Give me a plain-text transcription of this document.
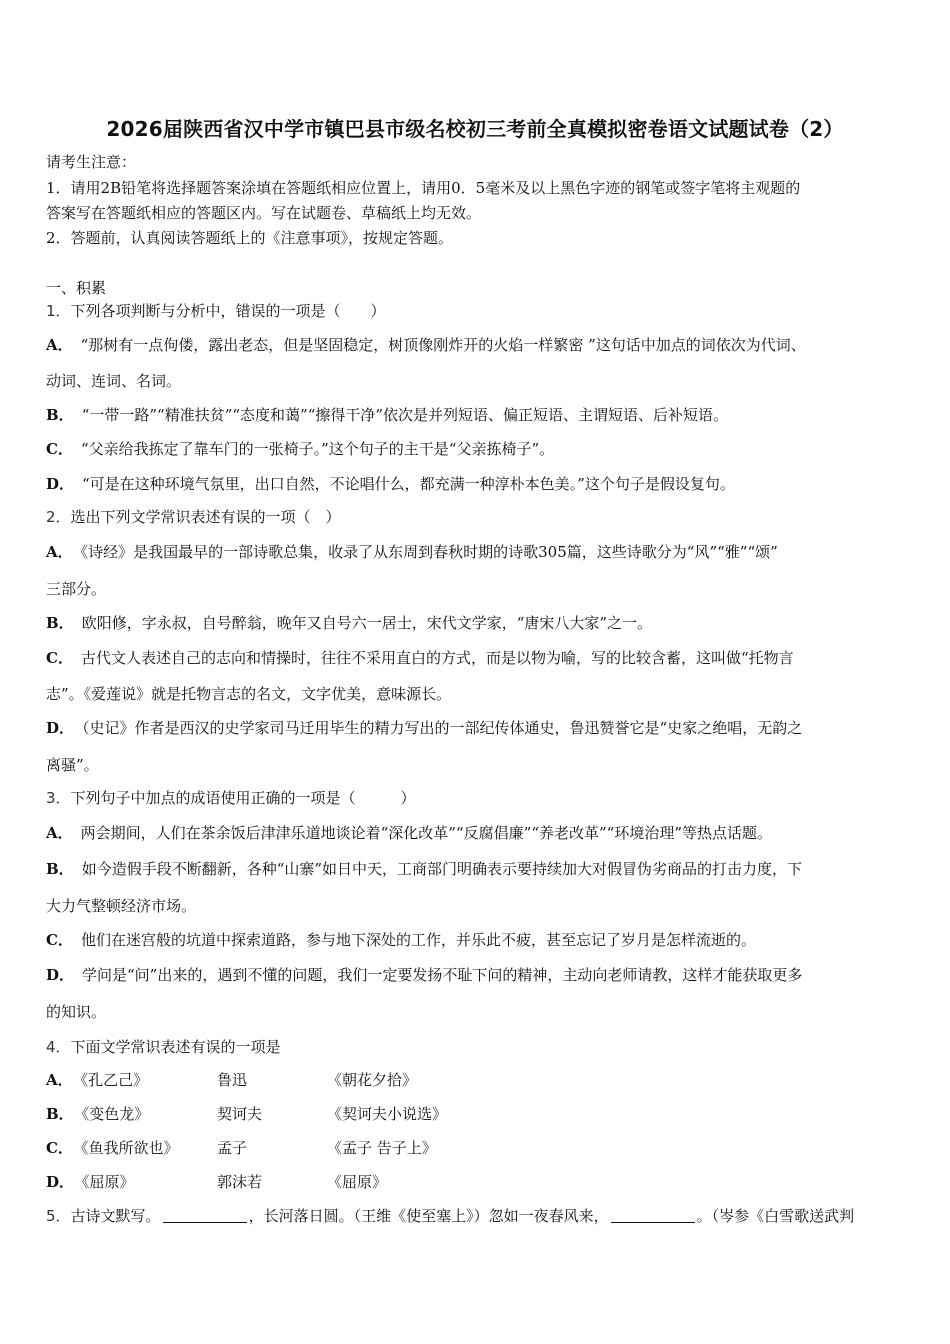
2026届陕西省汉中学市镇巴县市级名校初三考前全真模拟密卷语文试题试卷（2）
请考生注意：
1．请用2B铅笔将选择题答案涂填在答题纸相应位置上，请用0．5毫米及以上黑色字迹的钢笔或签字笔将主观题的
答案写在答题纸相应的答题区内。写在试题卷、草稿纸上均无效。
2．答题前，认真阅读答题纸上的《注意事项》，按规定答题。
一、积累
1．下列各项判断与分析中，错误的一项是（　　）
A． “那树有一点佝偻，露出老态，但是坚固稳定，树顶像刚炸开的火焰一样繁密 ”这句话中加点的词依次为代词、
动词、连词、名词。
B． “一带一路”“精准扶贫”“态度和蔼”“擦得干净”依次是并列短语、偏正短语、主谓短语、后补短语。
C． “父亲给我拣定了靠车门的一张椅子。”这个句子的主干是“父亲拣椅子”。
D． “可是在这种环境气氛里，出口自然，不论唱什么，都充满一种淳朴本色美。”这个句子是假设复句。
2．选出下列文学常识表述有误的一项（　）
A． 《诗经》是我国最早的一部诗歌总集，收录了从东周到春秋时期的诗歌305篇，这些诗歌分为“风”“雅”“颂”
三部分。
B． 欧阳修，字永叔，自号醉翁，晚年又自号六一居士，宋代文学家，“唐宋八大家”之一。
C． 古代文人表述自己的志向和情操时，往往不采用直白的方式，而是以物为喻，写的比较含蓄，这叫做“托物言
志”。《爱莲说》就是托物言志的名文，文字优美，意味源长。
D． （史记》作者是西汉的史学家司马迁用毕生的精力写出的一部纪传体通史，鲁迅赞誉它是“史家之绝唱，无韵之
离骚”。
3．下列句子中加点的成语使用正确的一项是（　　　）
A． 两会期间，人们在茶余饭后津津乐道地谈论着“深化改革”“反腐倡廉”“养老改革”“环境治理”等热点话题。
B． 如今造假手段不断翻新，各种“山寨”如日中天，工商部门明确表示要持续加大对假冒伪劣商品的打击力度，下
大力气整顿经济市场。
C． 他们在迷宫般的坑道中探索道路，参与地下深处的工作，并乐此不疲，甚至忘记了岁月是怎样流逝的。
D． 学问是“问”出来的，遇到不懂的问题，我们一定要发扬不耻下问的精神，主动向老师请教，这样才能获取更多
的知识。
4．下面文学常识表述有误的一项是
A． 《孔乙己》	鲁迅	《朝花夕拾》
B． 《变色龙》	契诃夫	《契诃夫小说选》
C． 《鱼我所欲也》	孟子	《孟子 告子上》
D． 《屈原》	郭沫若	《屈原》
5．古诗文默写。	，长河落日圆。（王维《使至塞上》）忽如一夜春风来，	。（岑参《白雪歌送武判
